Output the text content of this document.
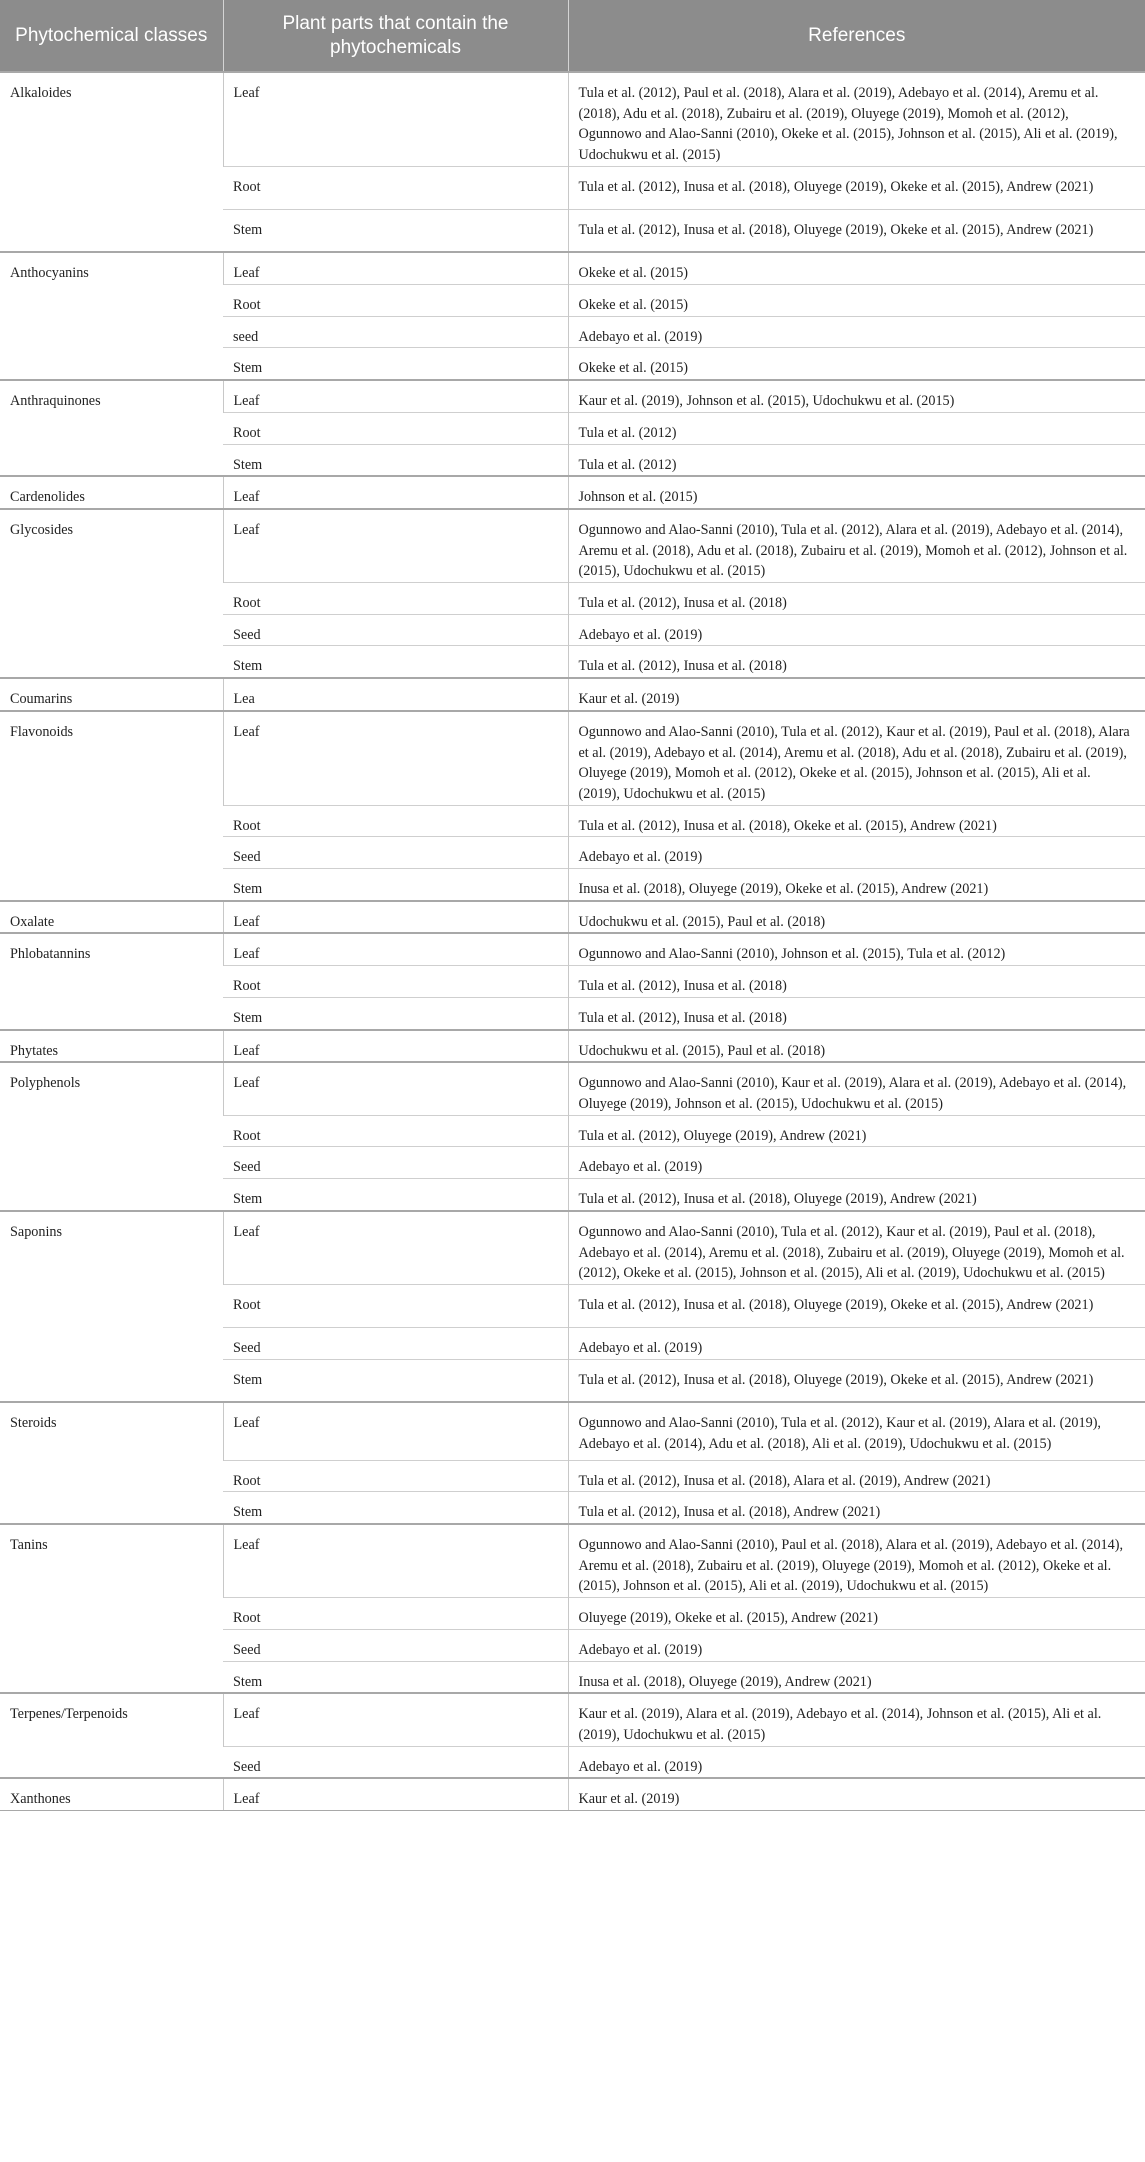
Phytochemical classes	Plant parts that contain the phytochemicals	References
Alkaloides	Leaf	Tula et al. (2012), Paul et al. (2018), Alara et al. (2019), Adebayo et al. (2014), Aremu et al. (2018), Adu et al. (2018), Zubairu et al. (2019), Oluyege (2019), Momoh et al. (2012), Ogunnowo and Alao-Sanni (2010), Okeke et al. (2015), Johnson et al. (2015), Ali et al. (2019), Udochukwu et al. (2015)
	Root	Tula et al. (2012), Inusa et al. (2018), Oluyege (2019), Okeke et al. (2015), Andrew (2021)
	Stem	Tula et al. (2012), Inusa et al. (2018), Oluyege (2019), Okeke et al. (2015), Andrew (2021)
Anthocyanins	Leaf	Okeke et al. (2015)
	Root	Okeke et al. (2015)
	seed	Adebayo et al. (2019)
	Stem	Okeke et al. (2015)
Anthraquinones	Leaf	Kaur et al. (2019), Johnson et al. (2015), Udochukwu et al. (2015)
	Root	Tula et al. (2012)
	Stem	Tula et al. (2012)
Cardenolides	Leaf	Johnson et al. (2015)
Glycosides	Leaf	Ogunnowo and Alao-Sanni (2010), Tula et al. (2012), Alara et al. (2019), Adebayo et al. (2014), Aremu et al. (2018), Adu et al. (2018), Zubairu et al. (2019), Momoh et al. (2012), Johnson et al. (2015), Udochukwu et al. (2015)
	Root	Tula et al. (2012), Inusa et al. (2018)
	Seed	Adebayo et al. (2019)
	Stem	Tula et al. (2012), Inusa et al. (2018)
Coumarins	Lea	Kaur et al. (2019)
Flavonoids	Leaf	Ogunnowo and Alao-Sanni (2010), Tula et al. (2012), Kaur et al. (2019), Paul et al. (2018), Alara et al. (2019), Adebayo et al. (2014), Aremu et al. (2018), Adu et al. (2018), Zubairu et al. (2019), Oluyege (2019), Momoh et al. (2012), Okeke et al. (2015), Johnson et al. (2015), Ali et al. (2019), Udochukwu et al. (2015)
	Root	Tula et al. (2012), Inusa et al. (2018), Okeke et al. (2015), Andrew (2021)
	Seed	Adebayo et al. (2019)
	Stem	Inusa et al. (2018), Oluyege (2019), Okeke et al. (2015), Andrew (2021)
Oxalate	Leaf	Udochukwu et al. (2015), Paul et al. (2018)
Phlobatannins	Leaf	Ogunnowo and Alao-Sanni (2010), Johnson et al. (2015), Tula et al. (2012)
	Root	Tula et al. (2012), Inusa et al. (2018)
	Stem	Tula et al. (2012), Inusa et al. (2018)
Phytates	Leaf	Udochukwu et al. (2015), Paul et al. (2018)
Polyphenols	Leaf	Ogunnowo and Alao-Sanni (2010), Kaur et al. (2019), Alara et al. (2019), Adebayo et al. (2014), Oluyege (2019), Johnson et al. (2015), Udochukwu et al. (2015)
	Root	Tula et al. (2012), Oluyege (2019), Andrew (2021)
	Seed	Adebayo et al. (2019)
	Stem	Tula et al. (2012), Inusa et al. (2018), Oluyege (2019), Andrew (2021)
Saponins	Leaf	Ogunnowo and Alao-Sanni (2010), Tula et al. (2012), Kaur et al. (2019), Paul et al. (2018), Adebayo et al. (2014), Aremu et al. (2018), Zubairu et al. (2019), Oluyege (2019), Momoh et al. (2012), Okeke et al. (2015), Johnson et al. (2015), Ali et al. (2019), Udochukwu et al. (2015)
	Root	Tula et al. (2012), Inusa et al. (2018), Oluyege (2019), Okeke et al. (2015), Andrew (2021)
	Seed	Adebayo et al. (2019)
	Stem	Tula et al. (2012), Inusa et al. (2018), Oluyege (2019), Okeke et al. (2015), Andrew (2021)
Steroids	Leaf	Ogunnowo and Alao-Sanni (2010), Tula et al. (2012), Kaur et al. (2019), Alara et al. (2019), Adebayo et al. (2014), Adu et al. (2018), Ali et al. (2019), Udochukwu et al. (2015)
	Root	Tula et al. (2012), Inusa et al. (2018), Alara et al. (2019), Andrew (2021)
	Stem	Tula et al. (2012), Inusa et al. (2018), Andrew (2021)
Tanins	Leaf	Ogunnowo and Alao-Sanni (2010), Paul et al. (2018), Alara et al. (2019), Adebayo et al. (2014), Aremu et al. (2018), Zubairu et al. (2019), Oluyege (2019), Momoh et al. (2012), Okeke et al. (2015), Johnson et al. (2015), Ali et al. (2019), Udochukwu et al. (2015)
	Root	Oluyege (2019), Okeke et al. (2015), Andrew (2021)
	Seed	Adebayo et al. (2019)
	Stem	Inusa et al. (2018), Oluyege (2019), Andrew (2021)
Terpenes/Terpenoids	Leaf	Kaur et al. (2019), Alara et al. (2019), Adebayo et al. (2014), Johnson et al. (2015), Ali et al. (2019), Udochukwu et al. (2015)
	Seed	Adebayo et al. (2019)
Xanthones	Leaf	Kaur et al. (2019)
